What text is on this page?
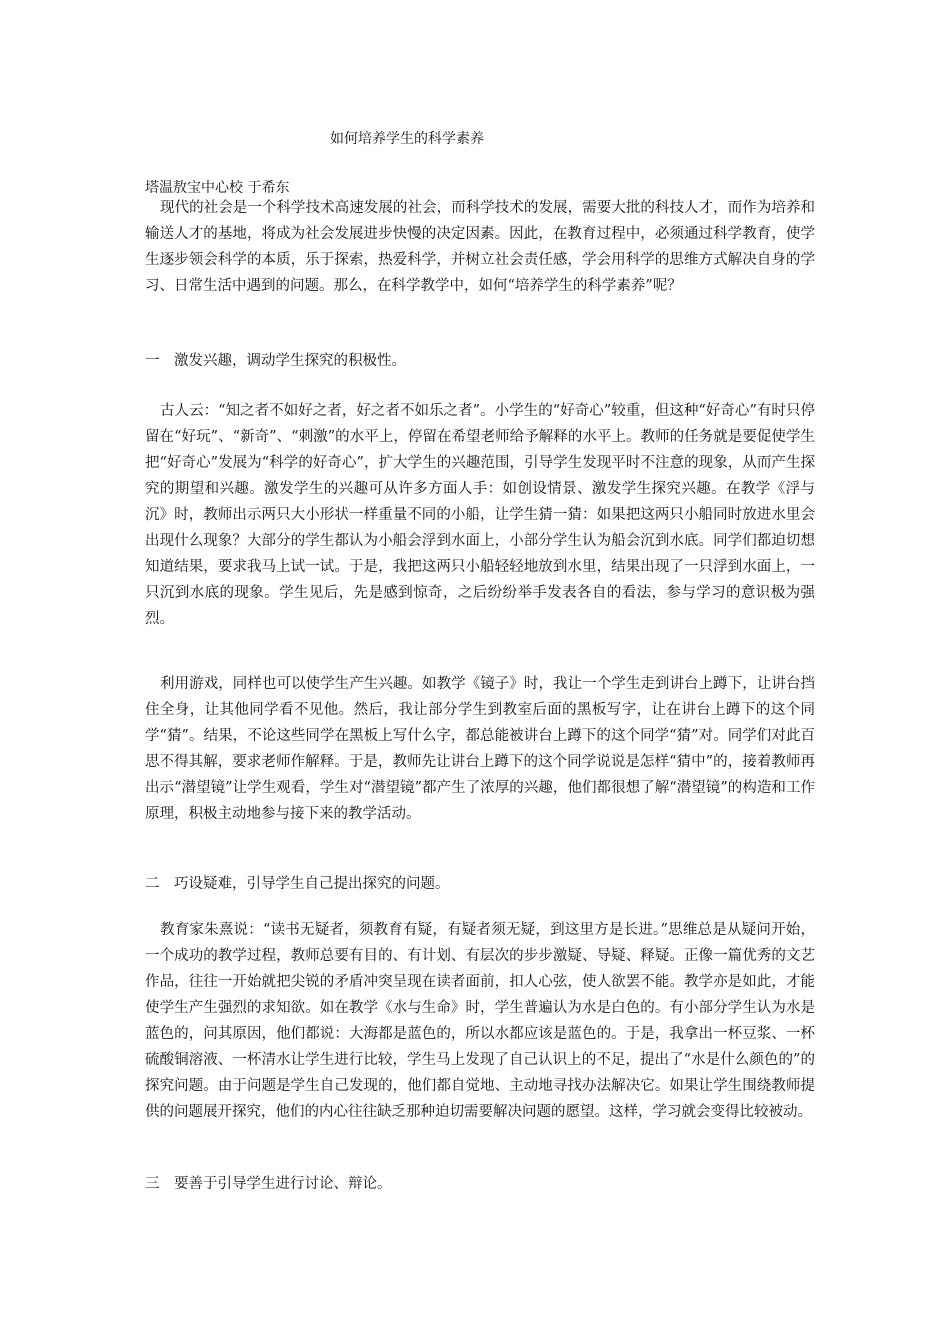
如何培养学生的科学素养
塔温敖宝中心校 于希东
现代的社会是一个科学技术高速发展的社会，而科学技术的发展，需要大批的科技人才，而作为培养和输送人才的基地，将成为社会发展进步快慢的决定因素。因此，在教育过程中，必须通过科学教育，使学生逐步领会科学的本质，乐于探索，热爱科学，并树立社会责任感，学会用科学的思维方式解决自身的学习、日常生活中遇到的问题。那么，在科学教学中，如何“培养学生的科学素养”呢？
一　激发兴趣，调动学生探究的积极性。
古人云：“知之者不如好之者，好之者不如乐之者”。小学生的“好奇心”较重，但这种“好奇心”有时只停留在“好玩”、“新奇”、“刺激”的水平上，停留在希望老师给予解释的水平上。教师的任务就是要促使学生把“好奇心”发展为“科学的好奇心”，扩大学生的兴趣范围，引导学生发现平时不注意的现象，从而产生探究的期望和兴趣。激发学生的兴趣可从许多方面人手：如创设情景、激发学生探究兴趣。在教学《浮与沉》时，教师出示两只大小形状一样重量不同的小船，让学生猜一猜：如果把这两只小船同时放进水里会出现什么现象？大部分的学生都认为小船会浮到水面上，小部分学生认为船会沉到水底。同学们都迫切想知道结果，要求我马上试一试。于是，我把这两只小船轻轻地放到水里，结果出现了一只浮到水面上，一只沉到水底的现象。学生见后，先是感到惊奇，之后纷纷举手发表各自的看法，参与学习的意识极为强烈。
利用游戏，同样也可以使学生产生兴趣。如教学《镜子》时，我让一个学生走到讲台上蹲下，让讲台挡住全身，让其他同学看不见他。然后，我让部分学生到教室后面的黑板写字，让在讲台上蹲下的这个同学“猜”。结果，不论这些同学在黑板上写什么字，都总能被讲台上蹲下的这个同学“猜”对。同学们对此百思不得其解，要求老师作解释。于是，教师先让讲台上蹲下的这个同学说说是怎样“猜中”的，接着教师再出示“潜望镜”让学生观看，学生对“潜望镜”都产生了浓厚的兴趣，他们都很想了解“潜望镜”的构造和工作原理，积极主动地参与接下来的教学活动。
二　巧设疑难，引导学生自己提出探究的问题。
教育家朱熹说：“读书无疑者，须教育有疑，有疑者须无疑，到这里方是长进。”思维总是从疑问开始，一个成功的教学过程，教师总要有目的、有计划、有层次的步步激疑、导疑、释疑。正像一篇优秀的文艺作品，往往一开始就把尖锐的矛盾冲突呈现在读者面前，扣人心弦，使人欲罢不能。教学亦是如此，才能使学生产生强烈的求知欲。如在教学《水与生命》时，学生普遍认为水是白色的。有小部分学生认为水是蓝色的，问其原因，他们都说：大海都是蓝色的，所以水都应该是蓝色的。于是，我拿出一杯豆浆、一杯硫酸铜溶液、一杯清水让学生进行比较，学生马上发现了自己认识上的不足，提出了“水是什么颜色的”的探究问题。由于问题是学生自己发现的，他们都自觉地、主动地寻找办法解决它。如果让学生围绕教师提供的问题展开探究，他们的内心往往缺乏那种迫切需要解决问题的愿望。这样，学习就会变得比较被动。
三　要善于引导学生进行讨论、辩论。
